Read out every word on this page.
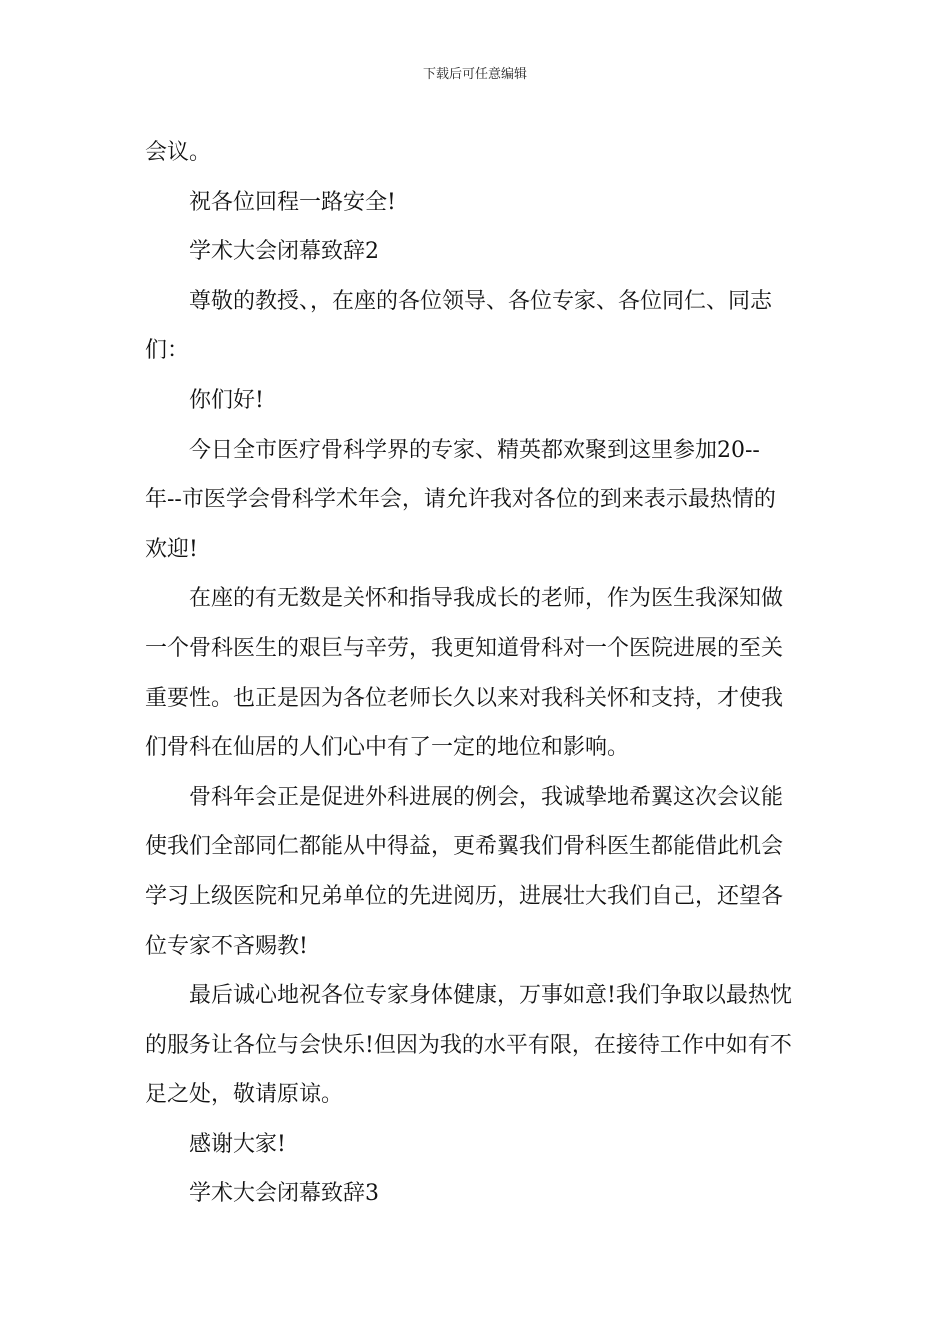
下载后可任意编辑
会议。
祝各位回程一路安全!
学术大会闭幕致辞2
尊敬的教授、，在座的各位领导、各位专家、各位同仁、同志
们：
你们好!
今日全市医疗骨科学界的专家、精英都欢聚到这里参加20--
年--市医学会骨科学术年会，请允许我对各位的到来表示最热情的
欢迎!
在座的有无数是关怀和指导我成长的老师，作为医生我深知做
一个骨科医生的艰巨与辛劳，我更知道骨科对一个医院进展的至关
重要性。也正是因为各位老师长久以来对我科关怀和支持，才使我
们骨科在仙居的人们心中有了一定的地位和影响。
骨科年会正是促进外科进展的例会，我诚挚地希翼这次会议能
使我们全部同仁都能从中得益，更希翼我们骨科医生都能借此机会
学习上级医院和兄弟单位的先进阅历，进展壮大我们自己，还望各
位专家不吝赐教!
最后诚心地祝各位专家身体健康，万事如意!我们争取以最热忱
的服务让各位与会快乐!但因为我的水平有限，在接待工作中如有不
足之处，敬请原谅。
感谢大家!
学术大会闭幕致辞3
